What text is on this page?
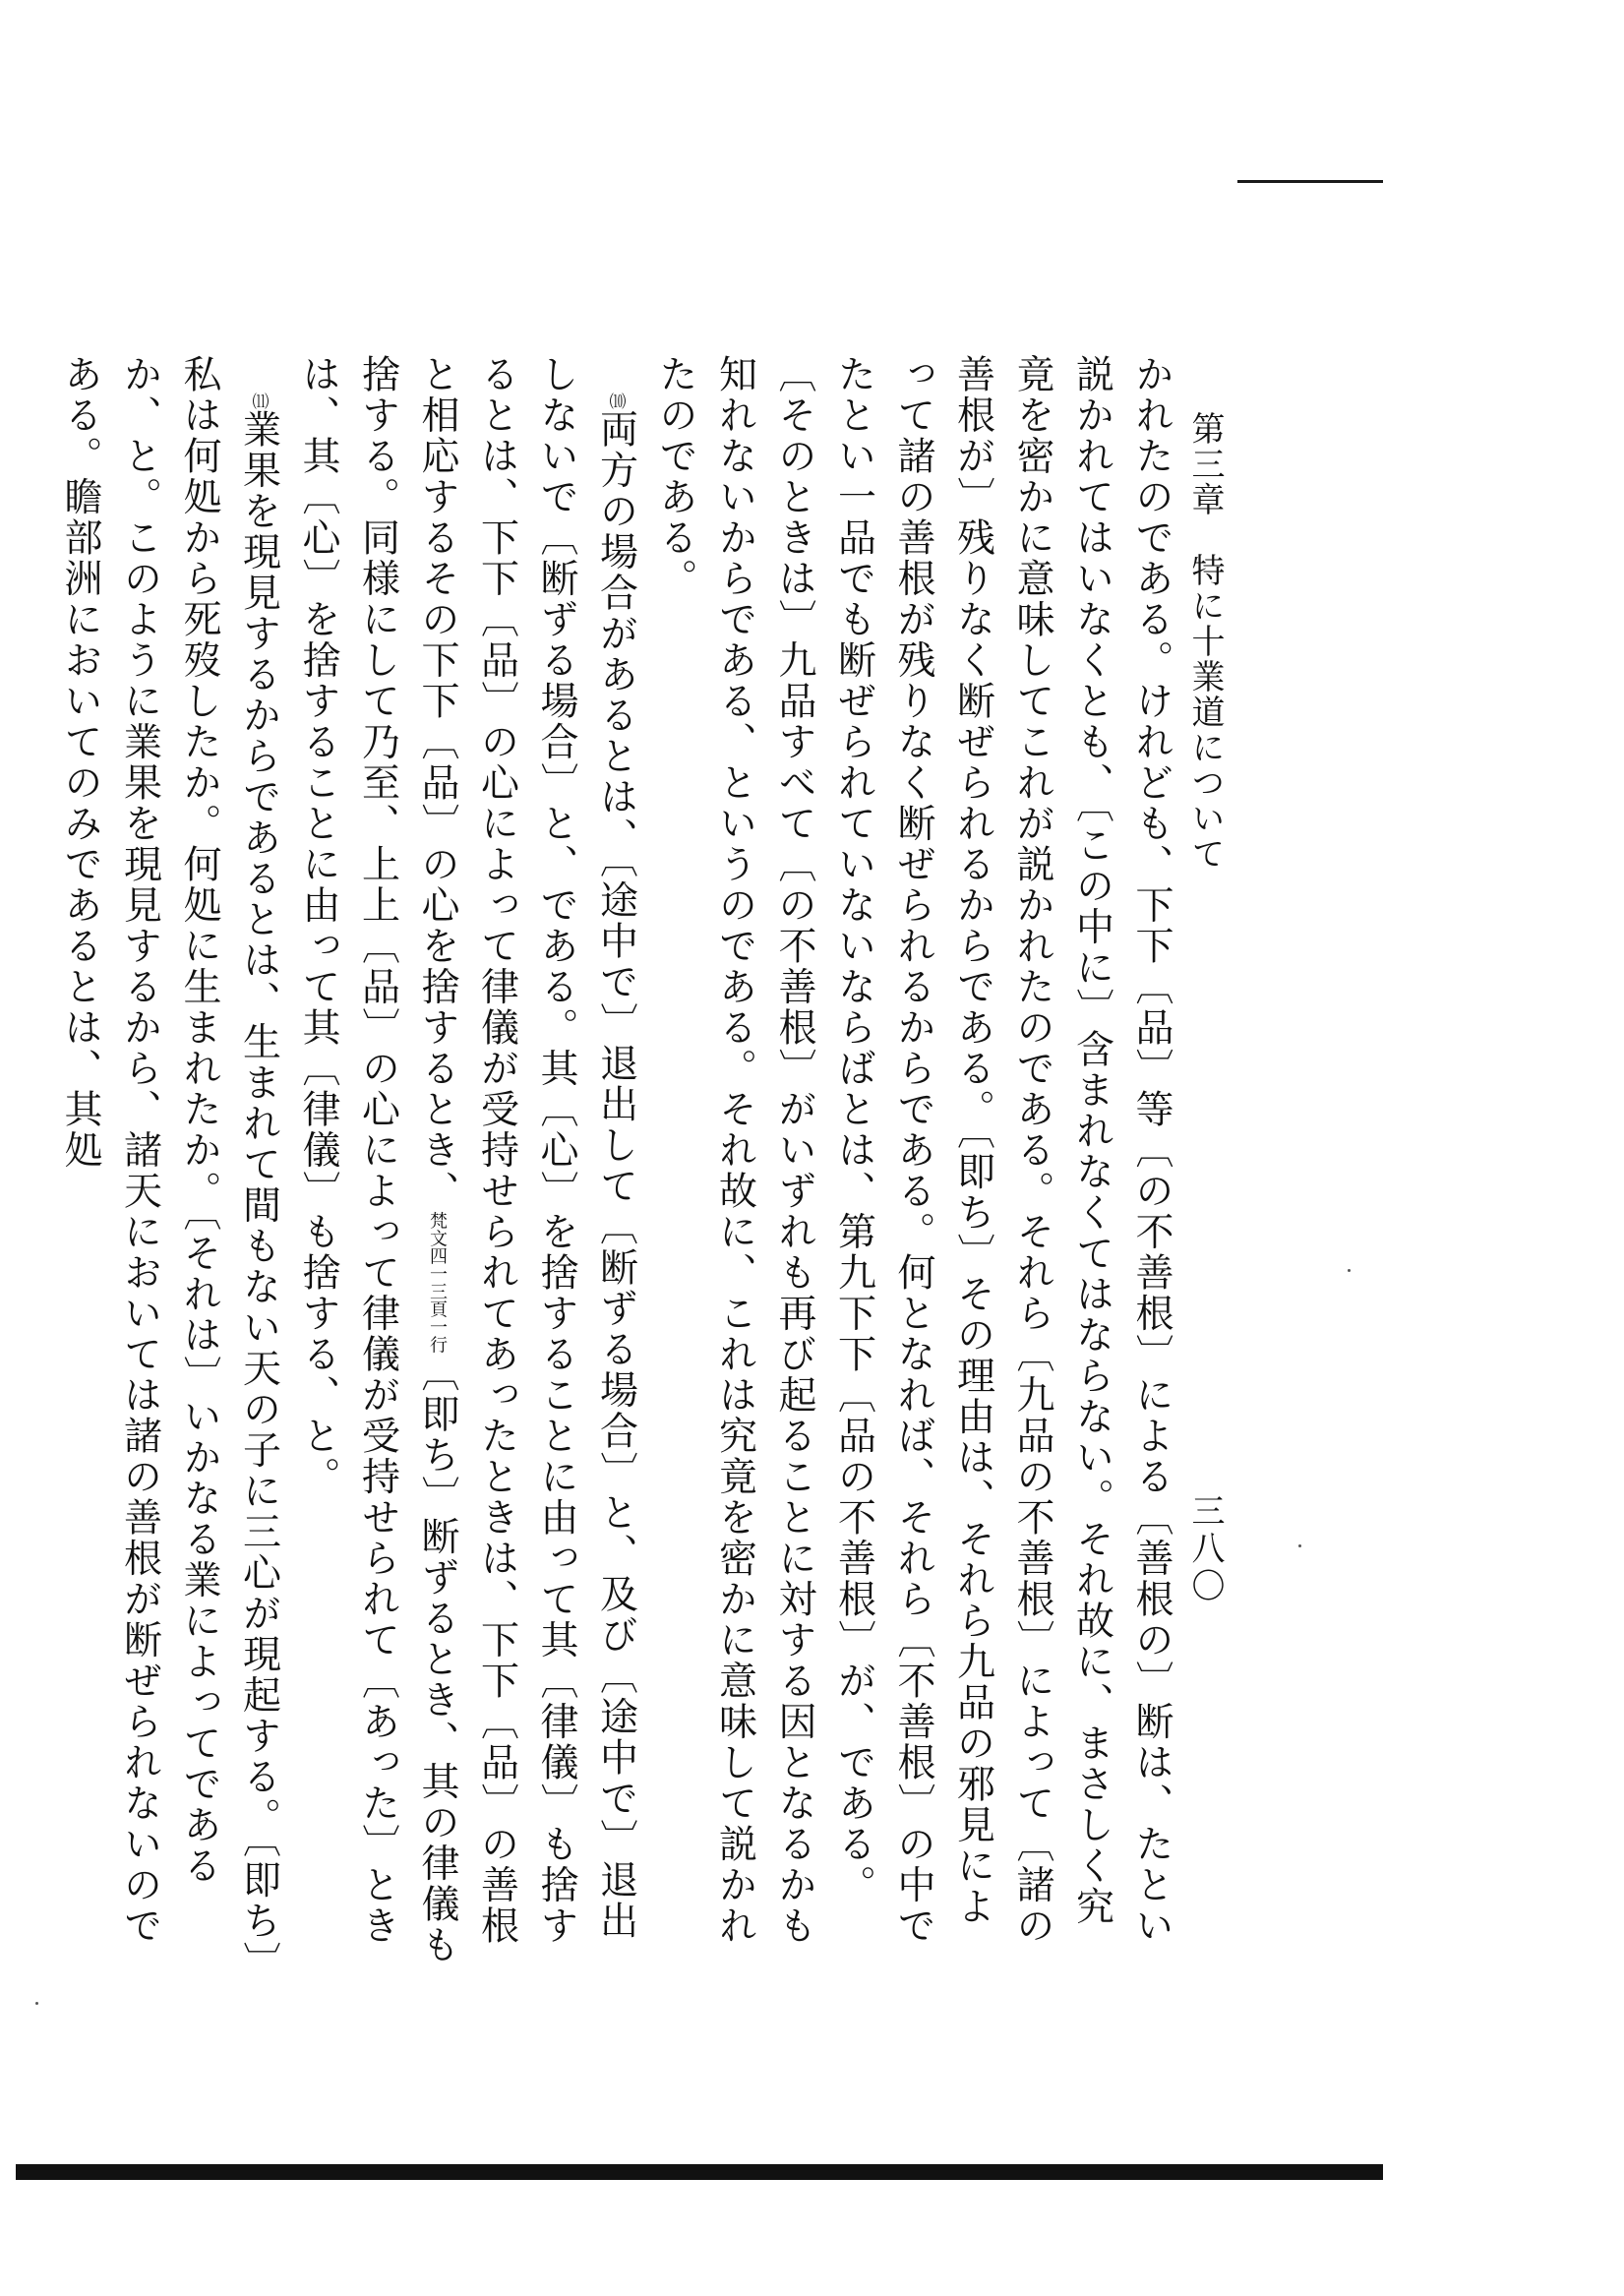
第三章　特に十業道について
三八〇

かれたのである。けれども、下下〔品〕等〔の不善根〕による〔善根の〕断は、たとい説かれてはいなくとも、〔この中に〕含まれなくてはならない。それ故に、まさしく究竟を密かに意味してこれが説かれたのである。それら〔九品の不善根〕によって〔諸の善根が〕残りなく断ぜられるからである。〔即ち〕その理由は、それら九品の邪見によって諸の善根が残りなく断ぜられるからである。何となれば、それら〔不善根〕の中でたとい一品でも断ぜられていないならばとは、第九下下〔品の不善根〕が、である。〔そのときは〕九品すべて〔の不善根〕がいずれも再び起ることに対する因となるかも知れないからである、というのである。それ故に、これは究竟を密かに意味して説かれたのである。

⑽両方の場合があるとは、〔途中で〕退出して〔断ずる場合〕と、及び〔途中で〕退出しないで〔断ずる場合〕と、である。其〔心〕を捨することに由って其〔律儀〕も捨するとは、下下〔品〕の心によって律儀が受持せられてあったときは、下下〔品〕の善根と相応するその下下〔品〕の心を捨するとき、梵文四一三頁一行〔即ち〕断ずるとき、其の律儀も捨する。同様にして乃至、上上〔品〕の心によって律儀が受持せられて〔あった〕ときは、其〔心〕を捨することに由って其〔律儀〕も捨する、と。

⑾業果を現見するからであるとは、生まれて間もない天の子に三心が現起する。〔即ち〕私は何処から死歿したか。何処に生まれたか。〔それは〕いかなる業によってであるか、と。このように業果を現見するから、諸天においては諸の善根が断ぜられないのである。瞻部洲においてのみであるとは、其処
